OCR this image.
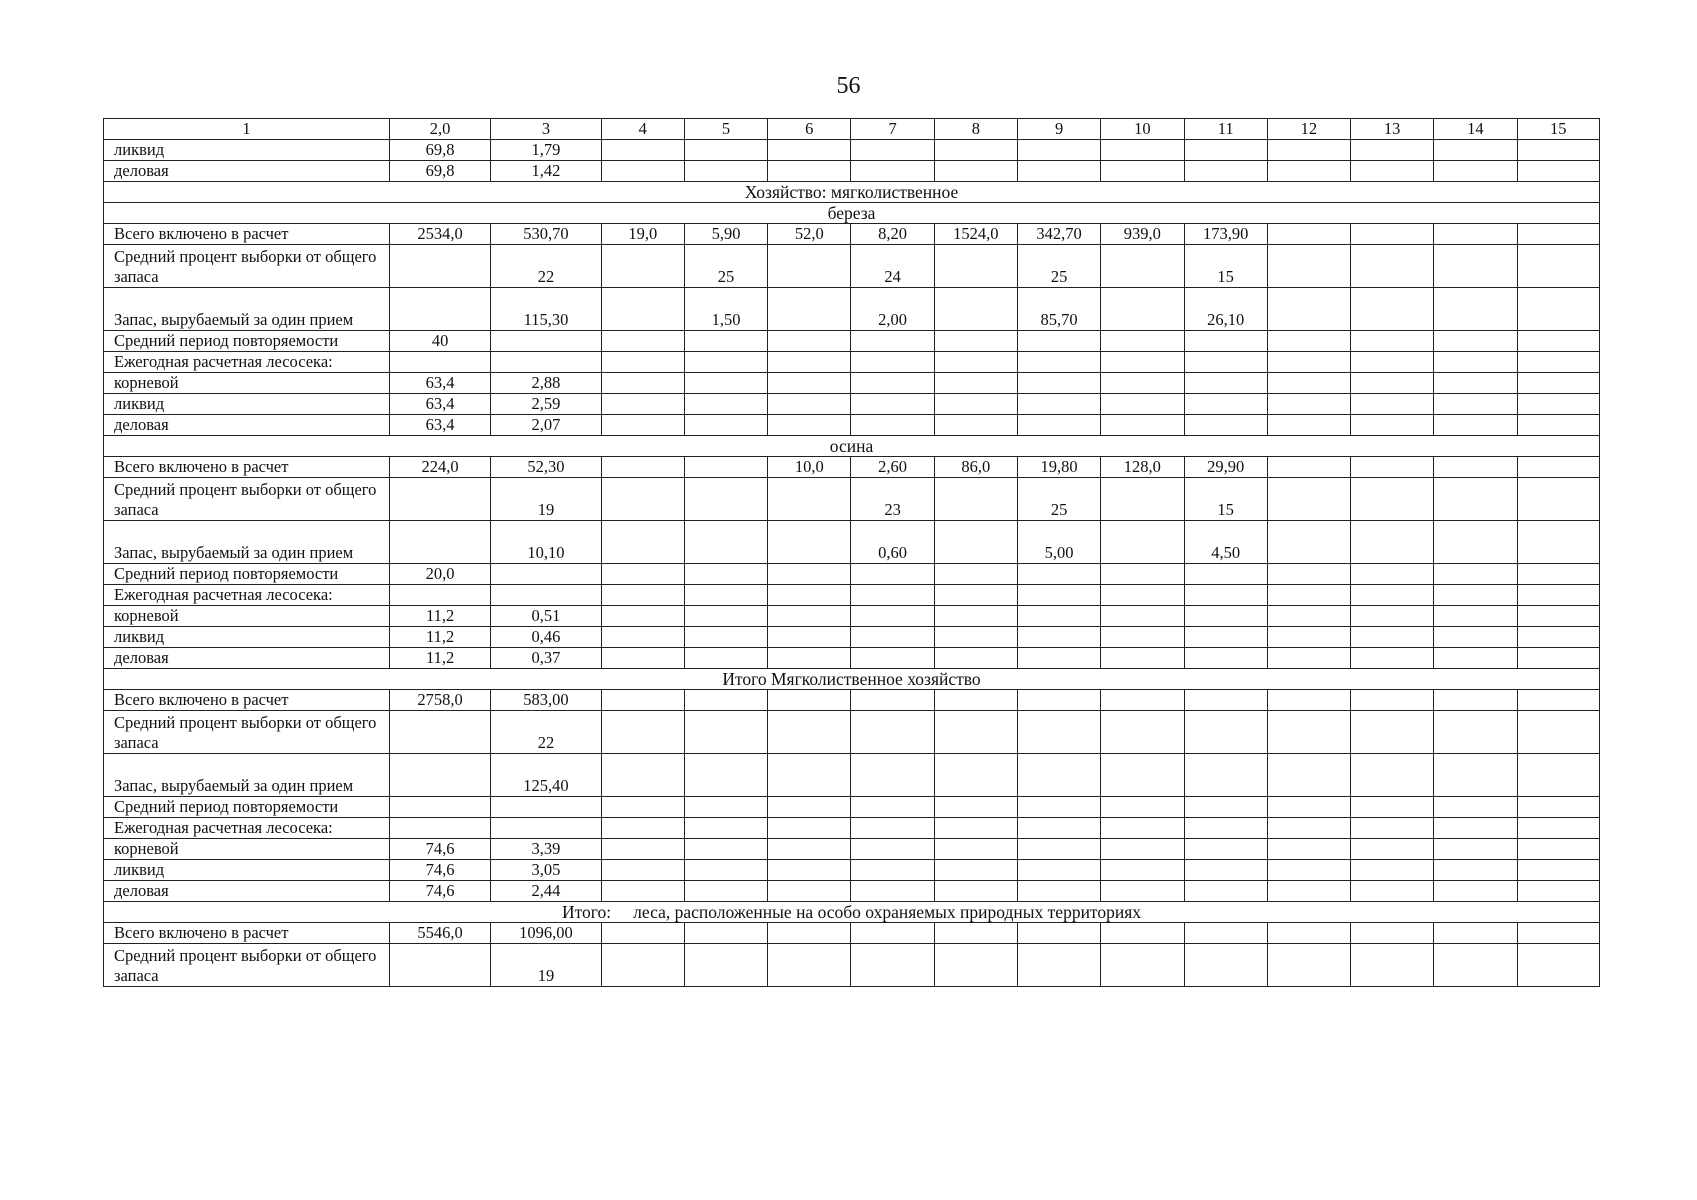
56
1	2,0	3	4	5	6	7	8	9	10	11	12	13	14	15
ликвид	69,8	1,79												
деловая	69,8	1,42												
Хозяйство: мягколиственное														
береза														
Всего включено в расчет	2534,0	530,70	19,0	5,90	52,0	8,20	1524,0	342,70	939,0	173,90				
Средний процент выборки от общего запаса		22		25		24		25		15				
Запас, вырубаемый за один прием		115,30		1,50		2,00		85,70		26,10				
Средний период повторяемости	40													
Ежегодная расчетная лесосека:														
корневой	63,4	2,88												
ликвид	63,4	2,59												
деловая	63,4	2,07												
осина														
Всего включено в расчет	224,0	52,30			10,0	2,60	86,0	19,80	128,0	29,90				
Средний процент выборки от общего запаса		19				23		25		15				
Запас, вырубаемый за один прием		10,10				0,60		5,00		4,50				
Средний период повторяемости	20,0													
Ежегодная расчетная лесосека:														
корневой	11,2	0,51												
ликвид	11,2	0,46												
деловая	11,2	0,37												
Итого Мягколиственное хозяйство														
Всего включено в расчет	2758,0	583,00												
Средний процент выборки от общего запаса		22												
Запас, вырубаемый за один прием		125,40												
Средний период повторяемости														
Ежегодная расчетная лесосека:														
корневой	74,6	3,39												
ликвид	74,6	3,05												
деловая	74,6	2,44												
Итого: леса, расположенные на особо охраняемых природных территориях														
Всего включено в расчет	5546,0	1096,00												
Средний процент выборки от общего запаса		19												
